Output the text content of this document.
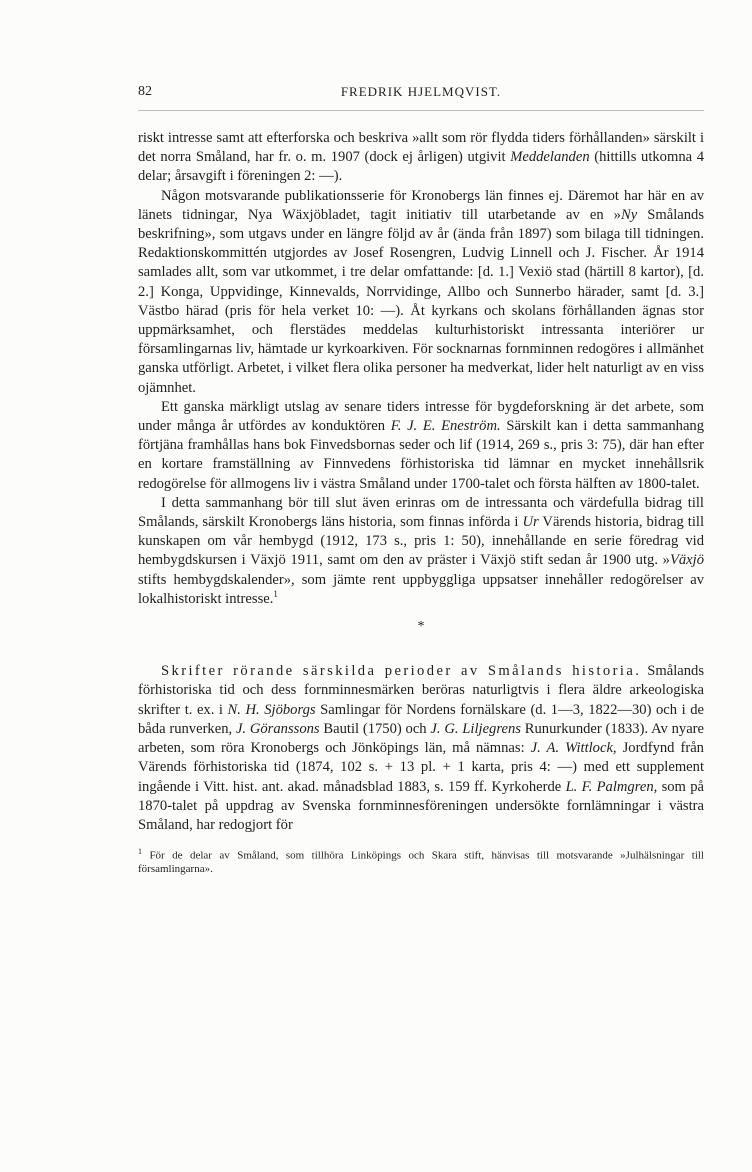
82	FREDRIK HJELMQVIST.

riskt intresse samt att efterforska och beskriva »allt som rör flydda tiders förhållanden» särskilt i det norra Småland, har fr. o. m. 1907 (dock ej årligen) utgivit Meddelanden (hittills utkomna 4 delar; årsavgift i föreningen 2: —).

Någon motsvarande publikationsserie för Kronobergs län finnes ej. Däremot har här en av länets tidningar, Nya Wäxjöbladet, tagit initiativ till utarbetande av en »Ny Smålands beskrifning», som utgavs under en längre följd av år (ända från 1897) som bilaga till tidningen. Redaktionskommittén utgjordes av Josef Rosengren, Ludvig Linnell och J. Fischer. År 1914 samlades allt, som var utkommet, i tre delar omfattande: [d. 1.] Vexiö stad (härtill 8 kartor), [d. 2.] Konga, Uppvidinge, Kinnevalds, Norrvidinge, Allbo och Sunnerbo härader, samt [d. 3.] Västbo härad (pris för hela verket 10: —). Åt kyrkans och skolans förhållanden ägnas stor uppmärksamhet, och flerstädes meddelas kulturhistoriskt intressanta interiörer ur församlingarnas liv, hämtade ur kyrkoarkiven. För socknarnas fornminnen redogöres i allmänhet ganska utförligt. Arbetet, i vilket flera olika personer ha medverkat, lider helt naturligt av en viss ojämnhet.

Ett ganska märkligt utslag av senare tiders intresse för bygdeforskning är det arbete, som under många år utfördes av konduktören F. J. E. Eneström. Särskilt kan i detta sammanhang förtjäna framhållas hans bok Finvedsbornas seder och lif (1914, 269 s., pris 3: 75), där han efter en kortare framställning av Finnvedens förhistoriska tid lämnar en mycket innehållsrik redogörelse för allmogens liv i västra Småland under 1700-talet och första hälften av 1800-talet.

I detta sammanhang bör till slut även erinras om de intressanta och värdefulla bidrag till Smålands, särskilt Kronobergs läns historia, som finnas införda i Ur Värends historia, bidrag till kunskapen om vår hembygd (1912, 173 s., pris 1: 50), innehållande en serie föredrag vid hembygdskursen i Växjö 1911, samt om den av präster i Växjö stift sedan år 1900 utg. »Växjö stifts hembygdskalender», som jämte rent uppbyggliga uppsatser innehåller redogörelser av lokalhistoriskt intresse.$^1$

*

Skrifter rörande särskilda perioder av Smålands historia. Smålands förhistoriska tid och dess fornminnesmärken beröras naturligtvis i flera äldre arkeologiska skrifter t. ex. i N. H. Sjöborgs Samlingar för Nordens fornälskare (d. 1—3, 1822—30) och i de båda runverken, J. Göranssons Bautil (1750) och J. G. Liljegrens Runurkunder (1833). Av nyare arbeten, som röra Kronobergs och Jönköpings län, må nämnas: J. A. Wittlock, Jordfynd från Värends förhistoriska tid (1874, 102 s. + 13 pl. + 1 karta, pris 4: —) med ett supplement ingående i Vitt. hist. ant. akad. månadsblad 1883, s. 159 ff. Kyrkoherde L. F. Palmgren, som på 1870-talet på uppdrag av Svenska fornminnesföreningen undersökte fornlämningar i västra Småland, har redogjort för

$^1$ För de delar av Småland, som tillhöra Linköpings och Skara stift, hänvisas till motsvarande »Julhälsningar till församlingarna».
